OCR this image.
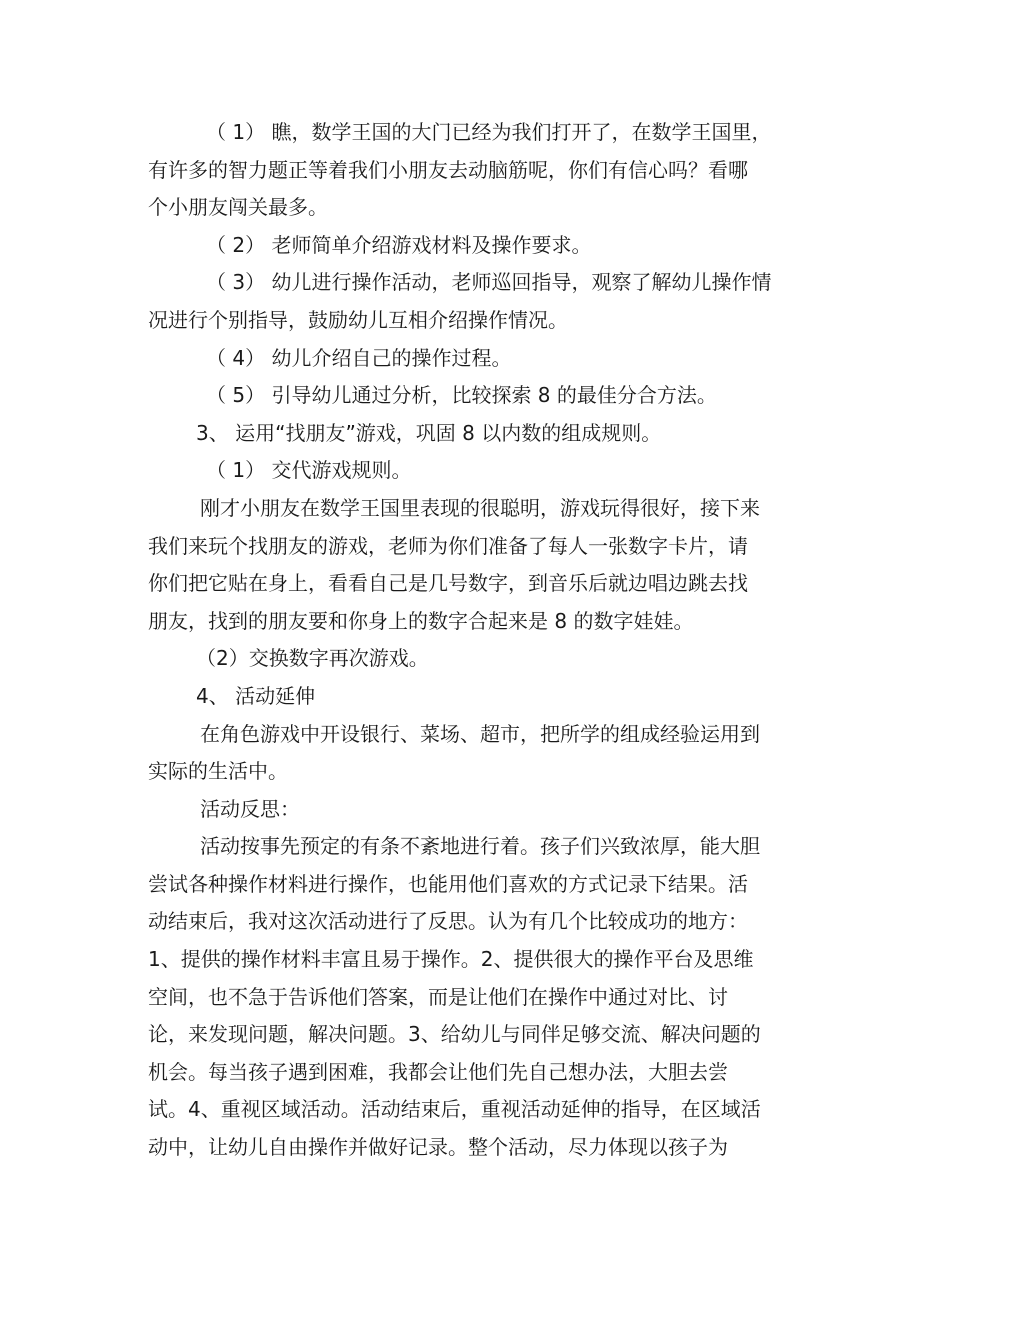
（ 1） 瞧，数学王国的大门已经为我们打开了，在数学王国里，
有许多的智力题正等着我们小朋友去动脑筋呢，你们有信心吗？看哪
个小朋友闯关最多。
（ 2） 老师简单介绍游戏材料及操作要求。
（ 3） 幼儿进行操作活动，老师巡回指导，观察了解幼儿操作情
况进行个别指导，鼓励幼儿互相介绍操作情况。
（ 4） 幼儿介绍自己的操作过程。
（ 5） 引导幼儿通过分析，比较探索 8 的最佳分合方法。
3、 运用“找朋友”游戏，巩固 8 以内数的组成规则。
（ 1） 交代游戏规则。
刚才小朋友在数学王国里表现的很聪明，游戏玩得很好，接下来
我们来玩个找朋友的游戏，老师为你们准备了每人一张数字卡片，请
你们把它贴在身上，看看自己是几号数字，到音乐后就边唱边跳去找
朋友，找到的朋友要和你身上的数字合起来是 8 的数字娃娃。
（2）交换数字再次游戏。
4、 活动延伸
在角色游戏中开设银行、菜场、超市，把所学的组成经验运用到
实际的生活中。
活动反思：
活动按事先预定的有条不紊地进行着。孩子们兴致浓厚，能大胆
尝试各种操作材料进行操作，也能用他们喜欢的方式记录下结果。活
动结束后，我对这次活动进行了反思。认为有几个比较成功的地方：
1、提供的操作材料丰富且易于操作。2、提供很大的操作平台及思维
空间，也不急于告诉他们答案，而是让他们在操作中通过对比、讨
论，来发现问题，解决问题。3、给幼儿与同伴足够交流、解决问题的
机会。每当孩子遇到困难，我都会让他们先自己想办法，大胆去尝
试。4、重视区域活动。活动结束后，重视活动延伸的指导，在区域活
动中，让幼儿自由操作并做好记录。整个活动，尽力体现以孩子为
